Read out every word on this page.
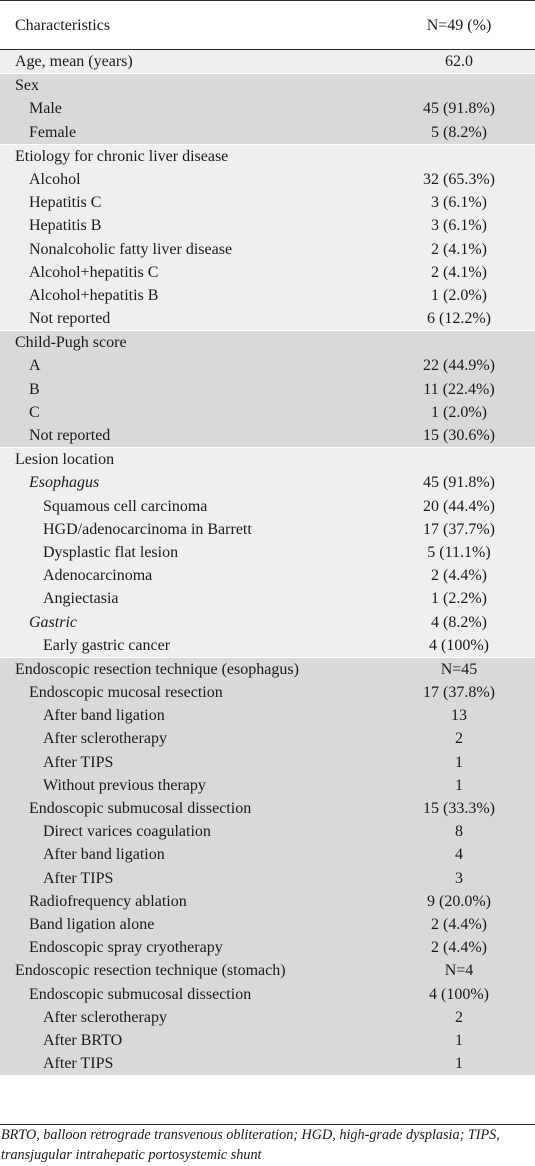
Characteristics	N=49 (%)
Age, mean (years)	62.0
Sex
Male	45 (91.8%)
Female	5 (8.2%)
Etiology for chronic liver disease
Alcohol	32 (65.3%)
Hepatitis C	3 (6.1%)
Hepatitis B	3 (6.1%)
Nonalcoholic fatty liver disease	2 (4.1%)
Alcohol+hepatitis C	2 (4.1%)
Alcohol+hepatitis B	1 (2.0%)
Not reported	6 (12.2%)
Child-Pugh score
A	22 (44.9%)
B	11 (22.4%)
C	1 (2.0%)
Not reported	15 (30.6%)
Lesion location
Esophagus	45 (91.8%)
Squamous cell carcinoma	20 (44.4%)
HGD/adenocarcinoma in Barrett	17 (37.7%)
Dysplastic flat lesion	5 (11.1%)
Adenocarcinoma	2 (4.4%)
Angiectasia	1 (2.2%)
Gastric	4 (8.2%)
Early gastric cancer	4 (100%)
Endoscopic resection technique (esophagus)	N=45
Endoscopic mucosal resection	17 (37.8%)
After band ligation	13
After sclerotherapy	2
After TIPS	1
Without previous therapy	1
Endoscopic submucosal dissection	15 (33.3%)
Direct varices coagulation	8
After band ligation	4
After TIPS	3
Radiofrequency ablation	9 (20.0%)
Band ligation alone	2 (4.4%)
Endoscopic spray cryotherapy	2 (4.4%)
Endoscopic resection technique (stomach)	N=4
Endoscopic submucosal dissection	4 (100%)
After sclerotherapy	2
After BRTO	1
After TIPS	1
BRTO, balloon retrograde transvenous obliteration; HGD, high-grade dysplasia; TIPS, transjugular intrahepatic portosystemic shunt
